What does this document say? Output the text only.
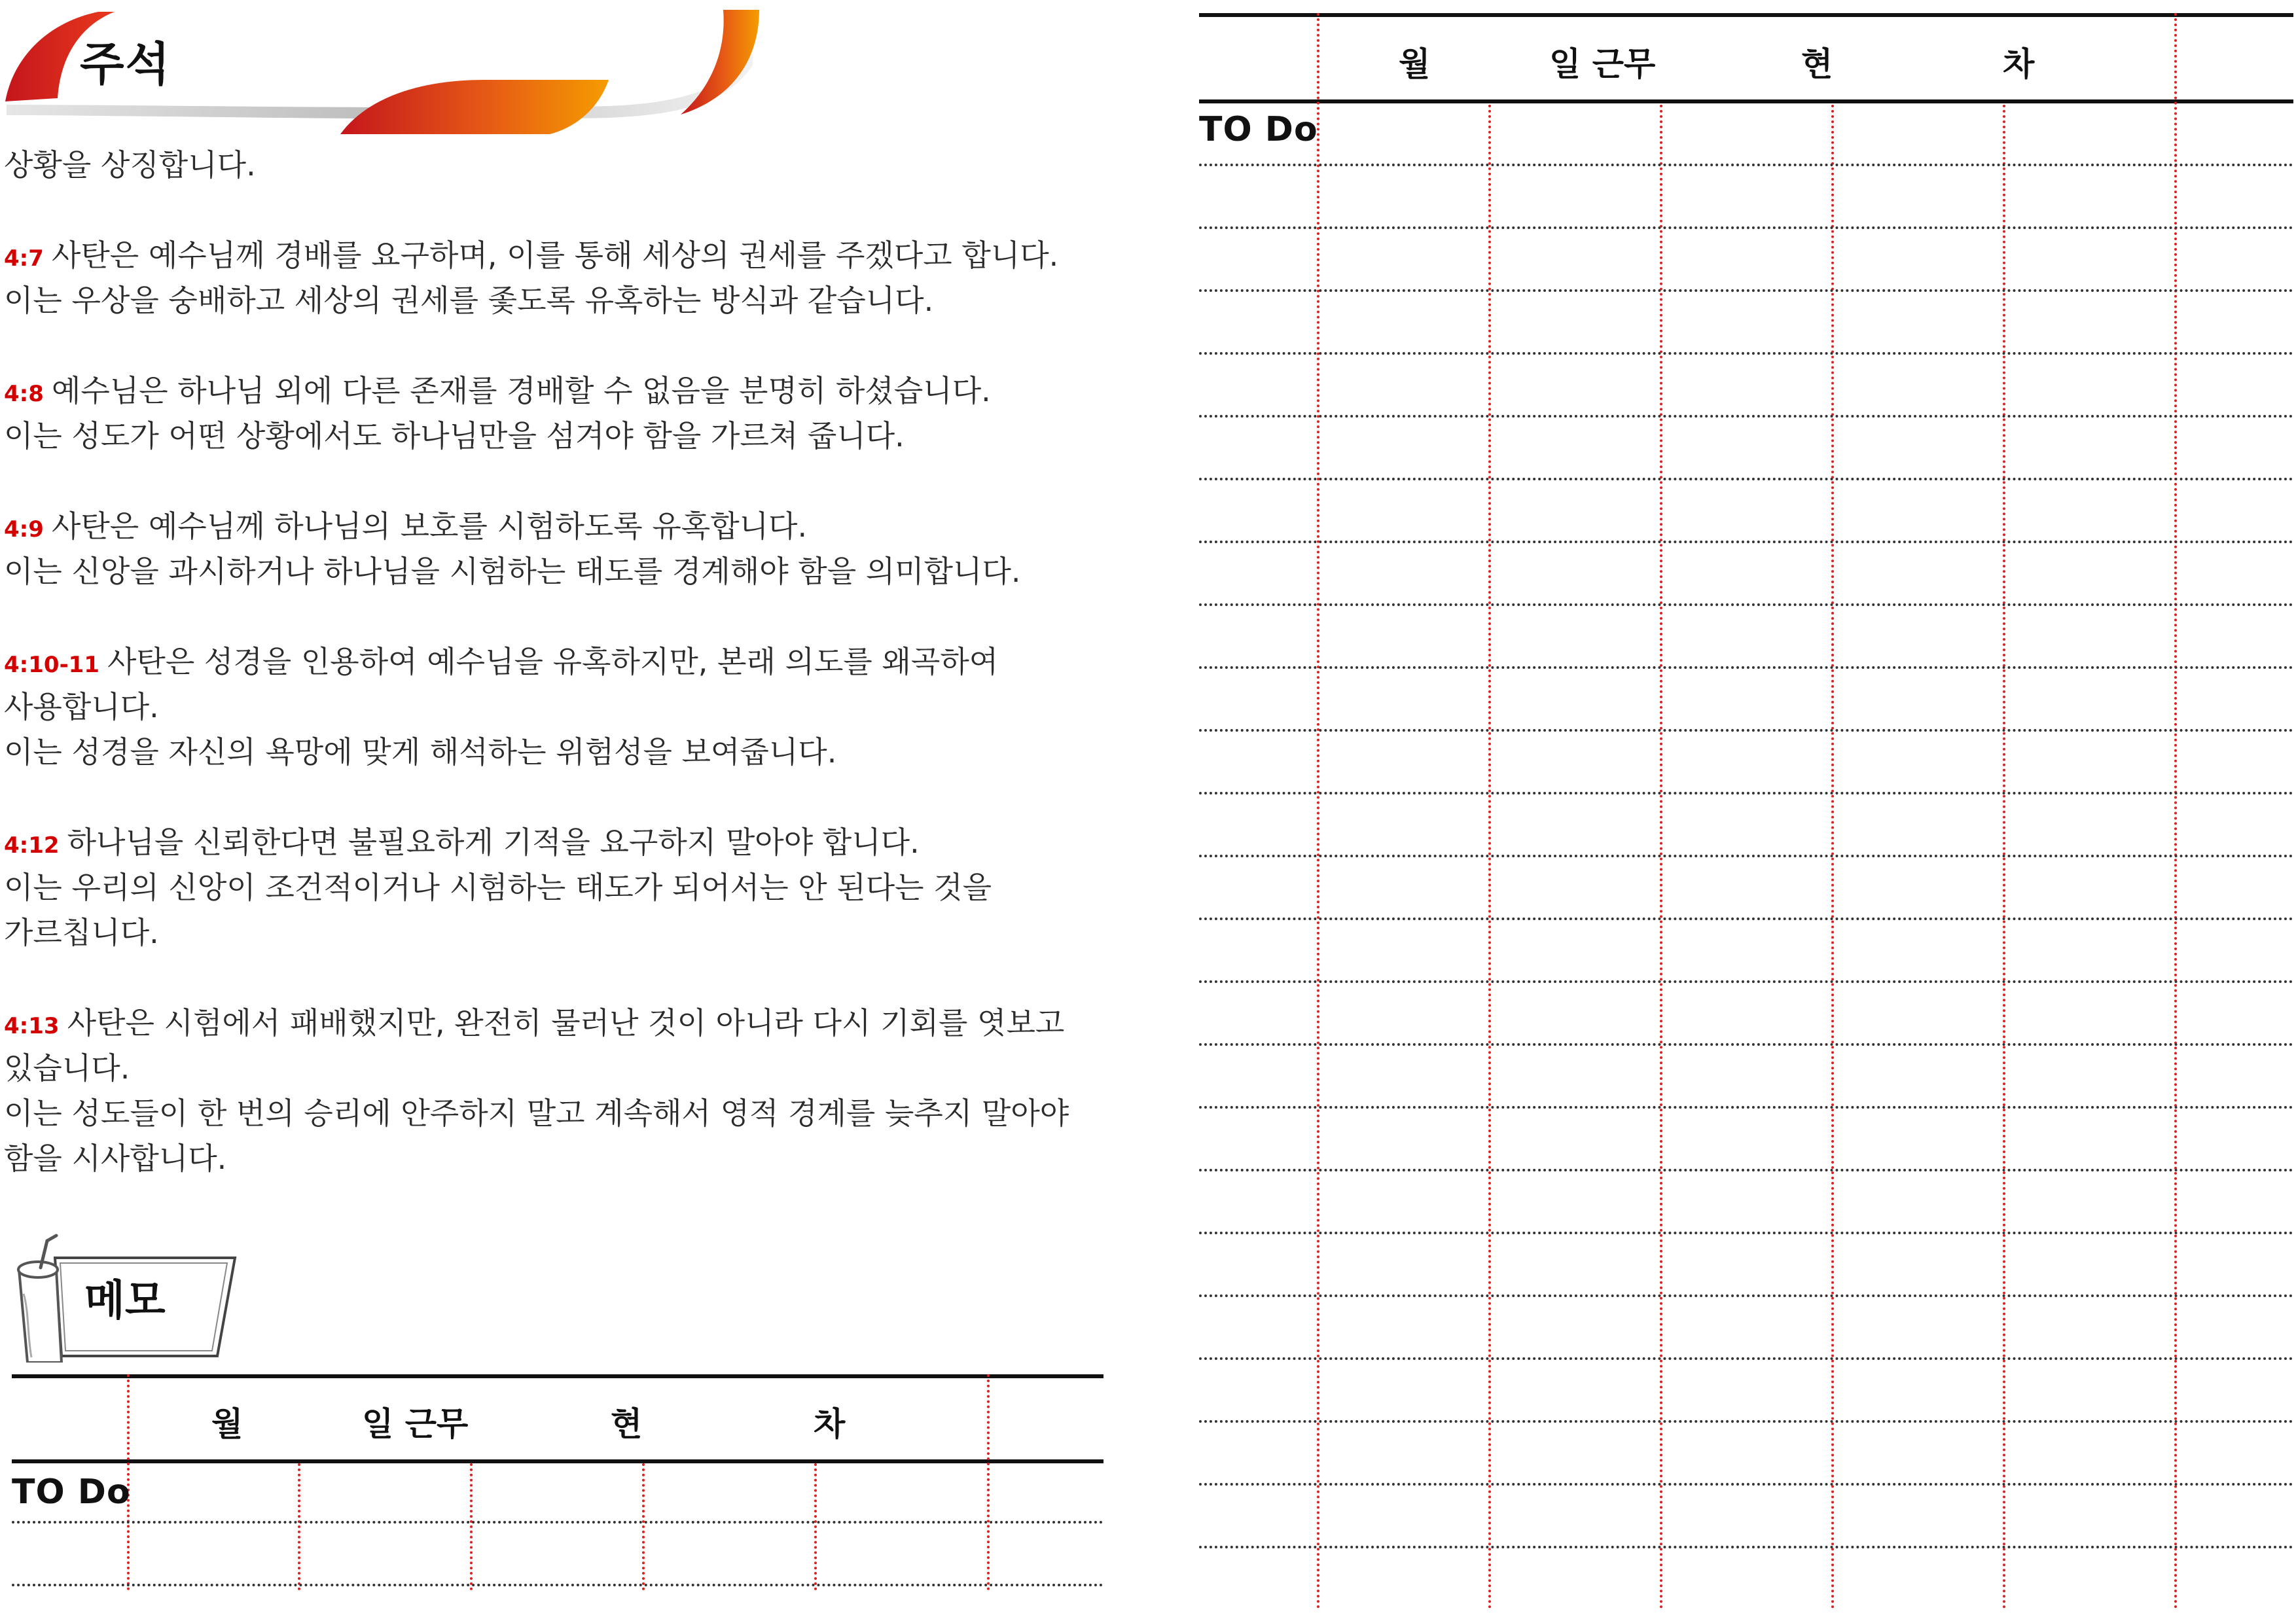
주석
상황을 상징합니다.
4:7 사탄은 예수님께 경배를 요구하며, 이를 통해 세상의 권세를 주겠다고 합니다.
이는 우상을 숭배하고 세상의 권세를 좇도록 유혹하는 방식과 같습니다.
4:8 예수님은 하나님 외에 다른 존재를 경배할 수 없음을 분명히 하셨습니다.
이는 성도가 어떤 상황에서도 하나님만을 섬겨야 함을 가르쳐 줍니다.
4:9 사탄은 예수님께 하나님의 보호를 시험하도록 유혹합니다.
이는 신앙을 과시하거나 하나님을 시험하는 태도를 경계해야 함을 의미합니다.
4:10-11 사탄은 성경을 인용하여 예수님을 유혹하지만, 본래 의도를 왜곡하여
사용합니다.
이는 성경을 자신의 욕망에 맞게 해석하는 위험성을 보여줍니다.
4:12 하나님을 신뢰한다면 불필요하게 기적을 요구하지 말아야 합니다.
이는 우리의 신앙이 조건적이거나 시험하는 태도가 되어서는 안 된다는 것을
가르칩니다.
4:13 사탄은 시험에서 패배했지만, 완전히 물러난 것이 아니라 다시 기회를 엿보고
있습니다.
이는 성도들이 한 번의 승리에 안주하지 말고 계속해서 영적 경계를 늦추지 말아야
함을 시사합니다.
메모
월	일 근무	현	차
TO Do
월	일 근무	현	차
TO Do
